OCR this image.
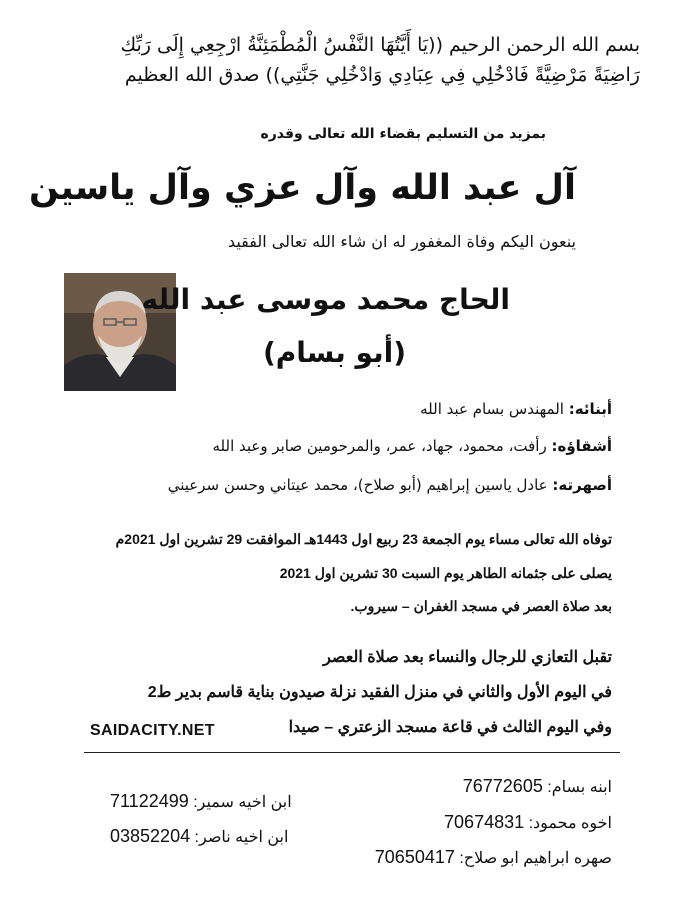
بسم الله الرحمن الرحيم ((يَا أَيَّتُهَا النَّفْسُ الْمُطْمَئِنَّةُ ارْجِعِي إِلَى رَبِّكِ
رَاضِيَةً مَرْضِيَّةً فَادْخُلِي فِي عِبَادِي وَادْخُلِي جَنَّتِي)) صدق الله العظيم
بمزيد من التسليم بقضاء الله تعالى وقدره
آل عبد الله وآل عزي وآل ياسين
ينعون اليكم وفاة المغفور له ان شاء الله تعالى الفقيد
الحاج محمد موسى عبد الله
(أبو بسام)
أبنائه: المهندس بسام عبد الله
أشقاؤه: رأفت، محمود، جهاد، عمر، والمرحومين صابر وعبد الله
أصهرته: عادل ياسين إبراهيم (أبو صلاح)، محمد عيتاني وحسن سرعيني
توفاه الله تعالى مساء يوم الجمعة 23 ربيع اول 1443هـ الموافقت 29 تشرين اول 2021م
يصلى على جثمانه الطاهر يوم السبت 30 تشرين اول 2021
بعد صلاة العصر في مسجد الغفران – سيروب.
تقبل التعازي للرجال والنساء بعد صلاة العصر
في اليوم الأول والثاني في منزل الفقيد نزلة صيدون بناية قاسم بدير ط2
وفي اليوم الثالث في قاعة مسجد الزعتري – صيدا
SAIDACITY.NET
ابنه بسام: 76772605
اخوه محمود: 70674831
صهره ابراهيم ابو صلاح: 70650417
ابن اخيه سمير: 71122499
ابن اخيه ناصر: 03852204
